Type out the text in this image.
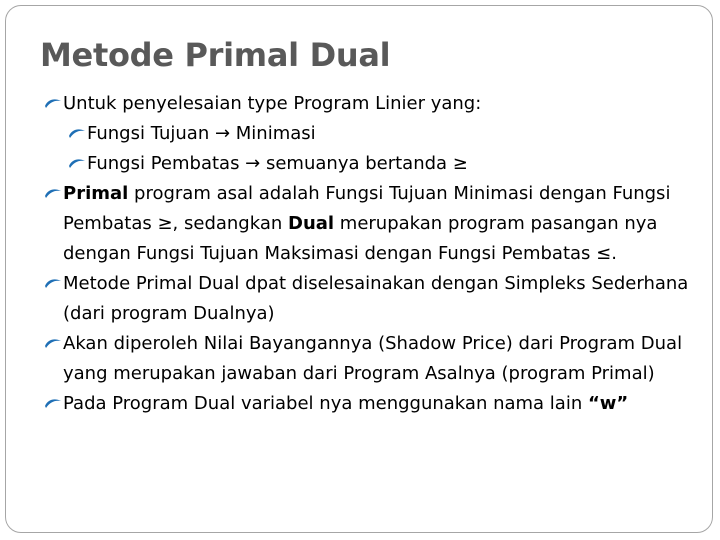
Metode Primal Dual

Untuk penyelesaian type Program Linier yang:

Fungsi Tujuan → Minimasi

Fungsi Pembatas → semuanya bertanda ≥

Primal program asal adalah Fungsi Tujuan Minimasi dengan Fungsi Pembatas ≥, sedangkan Dual merupakan program pasangan nya dengan Fungsi Tujuan Maksimasi dengan Fungsi Pembatas ≤.

Metode Primal Dual dpat diselesainakan dengan Simpleks Sederhana (dari program Dualnya)

Akan diperoleh Nilai Bayangannya (Shadow Price) dari Program Dual yang merupakan jawaban dari Program Asalnya (program Primal)

Pada Program Dual variabel nya menggunakan nama lain “w”
